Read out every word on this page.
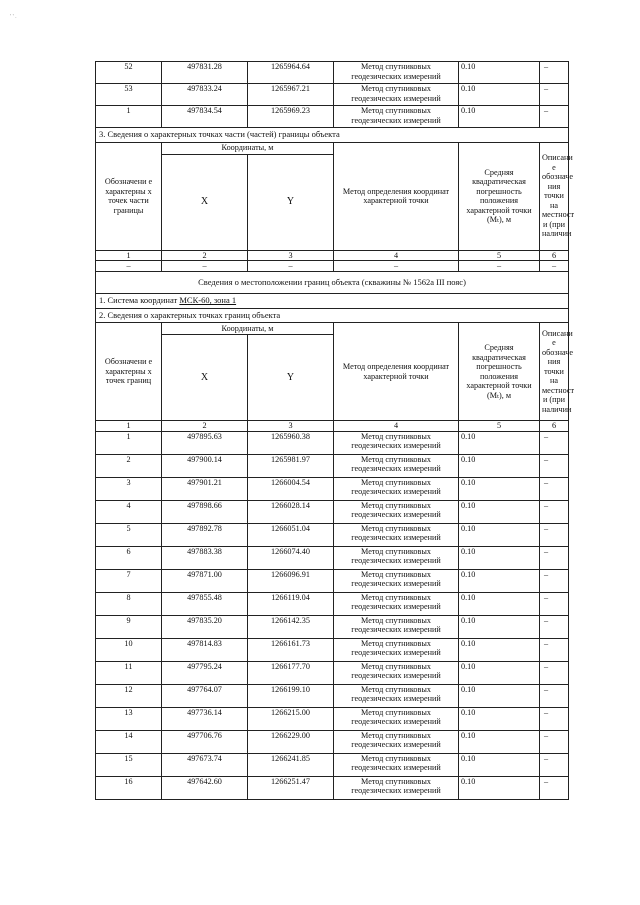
' ' .
52	497831.28	1265964.64	Метод спутниковых геодезических измерений	0.10	–
53	497833.24	1265967.21	Метод спутниковых геодезических измерений	0.10	–
1	497834.54	1265969.23	Метод спутниковых геодезических измерений	0.10	–
3. Сведения о характерных точках части (частей) границы объекта					
Обозначени е характерны х точек части границы	Координаты, м		Метод определения координат характерной точки	Средняя квадратическая погрешность положения характерной точки (Mₜ), м	Описани е обозначе ния точки на местност и (при наличии
	X	Y			
1	2	3	4	5	6
–	–	–	–	–	–
Сведения о местоположении границ объекта (скважины № 1562а III пояс)					
1. Система координат МСК-60, зона 1					
2. Сведения о характерных точках границ объекта					
Обозначени е характерны х точек границ	Координаты, м		Метод определения координат характерной точки	Средняя квадратическая погрешность положения характерной точки (Mₜ), м	Описани е обозначе ния точки на местност и (при наличии
	X	Y			
1	2	3	4	5	6
1	497895.63	1265960.38	Метод спутниковых геодезических измерений	0.10	–
2	497900.14	1265981.97	Метод спутниковых геодезических измерений	0.10	–
3	497901.21	1266004.54	Метод спутниковых геодезических измерений	0.10	–
4	497898.66	1266028.14	Метод спутниковых геодезических измерений	0.10	–
5	497892.78	1266051.04	Метод спутниковых геодезических измерений	0.10	–
6	497883.38	1266074.40	Метод спутниковых геодезических измерений	0.10	–
7	497871.00	1266096.91	Метод спутниковых геодезических измерений	0.10	–
8	497855.48	1266119.04	Метод спутниковых геодезических измерений	0.10	–
9	497835.20	1266142.35	Метод спутниковых геодезических измерений	0.10	–
10	497814.83	1266161.73	Метод спутниковых геодезических измерений	0.10	–
11	497795.24	1266177.70	Метод спутниковых геодезических измерений	0.10	–
12	497764.07	1266199.10	Метод спутниковых геодезических измерений	0.10	–
13	497736.14	1266215.00	Метод спутниковых геодезических измерений	0.10	–
14	497706.76	1266229.00	Метод спутниковых геодезических измерений	0.10	–
15	497673.74	1266241.85	Метод спутниковых геодезических измерений	0.10	–
16	497642.60	1266251.47	Метод спутниковых геодезических измерений	0.10	–
